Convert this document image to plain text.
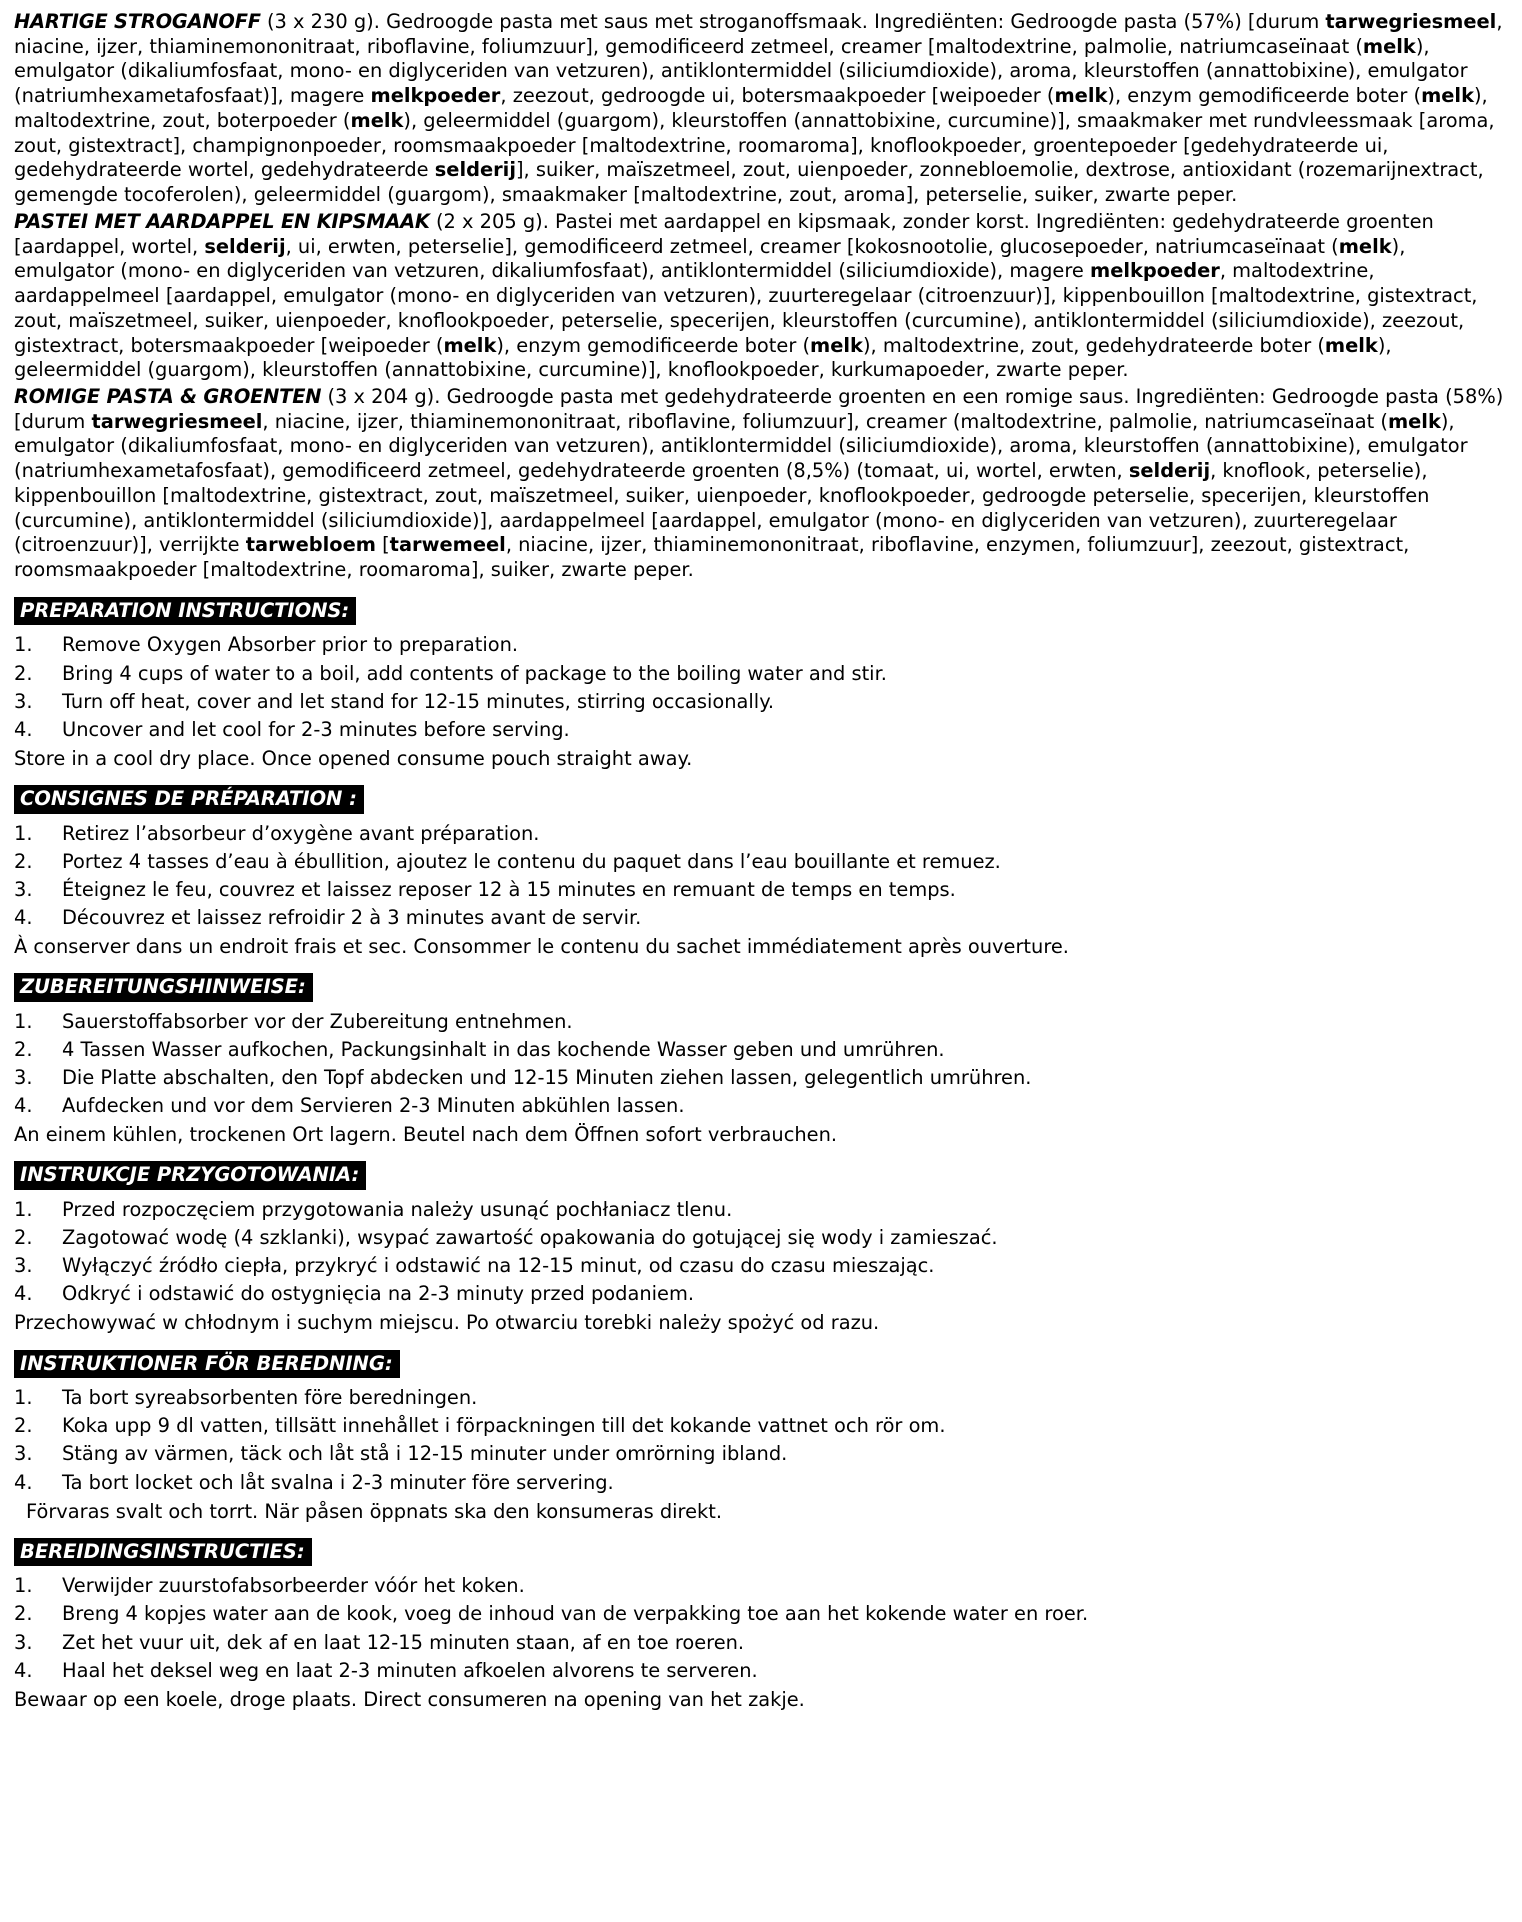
HARTIGE STROGANOFF (3 x 230 g). Gedroogde pasta met saus met stroganoffsmaak. Ingrediënten: Gedroogde pasta (57%) [durum tarwegriesmeel, niacine, ijzer, thiaminemononitraat, riboflavine, foliumzuur], gemodificeerd zetmeel, creamer [maltodextrine, palmolie, natriumcaseïnaat (melk), emulgator (dikaliumfosfaat, mono- en diglyceriden van vetzuren), antiklontermiddel (siliciumdioxide), aroma, kleurstoffen (annattobixine), emulgator (natriumhexametafosfaat)], magere melkpoeder, zeezout, gedroogde ui, botersmaakpoeder [weipoeder (melk), enzym gemodificeerde boter (melk), maltodextrine, zout, boterpoeder (melk), geleermiddel (guargom), kleurstoffen (annattobixine, curcumine)], smaakmaker met rundvleessmaak [aroma, zout, gistextract], champignonpoeder, roomsmaakpoeder [maltodextrine, roomaroma], knoflookpoeder, groentepoeder [gedehydrateerde ui, gedehydrateerde wortel, gedehydrateerde selderij], suiker, maïszetmeel, zout, uienpoeder, zonnebloemolie, dextrose, antioxidant (rozemarijnextract, gemengde tocoferolen), geleermiddel (guargom), smaakmaker [maltodextrine, zout, aroma], peterselie, suiker, zwarte peper.
PASTEI MET AARDAPPEL EN KIPSMAAK (2 x 205 g). Pastei met aardappel en kipsmaak, zonder korst. Ingrediënten: gedehydrateerde groenten [aardappel, wortel, selderij, ui, erwten, peterselie], gemodificeerd zetmeel, creamer [kokosnootolie, glucosepoeder, natriumcaseïnaat (melk), emulgator (mono- en diglyceriden van vetzuren, dikaliumfosfaat), antiklontermiddel (siliciumdioxide), magere melkpoeder, maltodextrine, aardappelmeel [aardappel, emulgator (mono- en diglyceriden van vetzuren), zuurteregelaar (citroenzuur)], kippenbouillon [maltodextrine, gistextract, zout, maïszetmeel, suiker, uienpoeder, knoflookpoeder, peterselie, specerijen, kleurstoffen (curcumine), antiklontermiddel (siliciumdioxide), zeezout, gistextract, botersmaakpoeder [weipoeder (melk), enzym gemodificeerde boter (melk), maltodextrine, zout, gedehydrateerde boter (melk), geleermiddel (guargom), kleurstoffen (annattobixine, curcumine)], knoflookpoeder, kurkumapoeder, zwarte peper.
ROMIGE PASTA & GROENTEN (3 x 204 g). Gedroogde pasta met gedehydrateerde groenten en een romige saus. Ingrediënten: Gedroogde pasta (58%) [durum tarwegriesmeel, niacine, ijzer, thiaminemononitraat, riboflavine, foliumzuur], creamer (maltodextrine, palmolie, natriumcaseïnaat (melk), emulgator (dikaliumfosfaat, mono- en diglyceriden van vetzuren), antiklontermiddel (siliciumdioxide), aroma, kleurstoffen (annattobixine), emulgator (natriumhexametafosfaat), gemodificeerd zetmeel, gedehydrateerde groenten (8,5%) (tomaat, ui, wortel, erwten, selderij, knoflook, peterselie), kippenbouillon [maltodextrine, gistextract, zout, maïszetmeel, suiker, uienpoeder, knoflookpoeder, gedroogde peterselie, specerijen, kleurstoffen (curcumine), antiklontermiddel (siliciumdioxide)], aardappelmeel [aardappel, emulgator (mono- en diglyceriden van vetzuren), zuurteregelaar (citroenzuur)], verrijkte tarwebloem [tarwemeel, niacine, ijzer, thiaminemononitraat, riboflavine, enzymen, foliumzuur], zeezout, gistextract, roomsmaakpoeder [maltodextrine, roomaroma], suiker, zwarte peper.
PREPARATION INSTRUCTIONS:
1.	Remove Oxygen Absorber prior to preparation.
2.	Bring 4 cups of water to a boil, add contents of package to the boiling water and stir.
3.	Turn off heat, cover and let stand for 12-15 minutes, stirring occasionally.
4.	Uncover and let cool for 2-3 minutes before serving.
Store in a cool dry place. Once opened consume pouch straight away.
CONSIGNES DE PRÉPARATION :
1.	Retirez l’absorbeur d’oxygène avant préparation.
2.	Portez 4 tasses d’eau à ébullition, ajoutez le contenu du paquet dans l’eau bouillante et remuez.
3.	Éteignez le feu, couvrez et laissez reposer 12 à 15 minutes en remuant de temps en temps.
4.	Découvrez et laissez refroidir 2 à 3 minutes avant de servir.
À conserver dans un endroit frais et sec. Consommer le contenu du sachet immédiatement après ouverture.
ZUBEREITUNGSHINWEISE:
1.	Sauerstoffabsorber vor der Zubereitung entnehmen.
2.	4 Tassen Wasser aufkochen, Packungsinhalt in das kochende Wasser geben und umrühren.
3.	Die Platte abschalten, den Topf abdecken und 12-15 Minuten ziehen lassen, gelegentlich umrühren.
4.	Aufdecken und vor dem Servieren 2-3 Minuten abkühlen lassen.
An einem kühlen, trockenen Ort lagern. Beutel nach dem Öffnen sofort verbrauchen.
INSTRUKCJE PRZYGOTOWANIA:
1.	Przed rozpoczęciem przygotowania należy usunąć pochłaniacz tlenu.
2.	Zagotować wodę (4 szklanki), wsypać zawartość opakowania do gotującej się wody i zamieszać.
3.	Wyłączyć źródło ciepła, przykryć i odstawić na 12-15 minut, od czasu do czasu mieszając.
4.	Odkryć i odstawić do ostygnięcia na 2-3 minuty przed podaniem.
Przechowywać w chłodnym i suchym miejscu. Po otwarciu torebki należy spożyć od razu.
INSTRUKTIONER FÖR BEREDNING:
1.	Ta bort syreabsorbenten före beredningen.
2.	Koka upp 9 dl vatten, tillsätt innehållet i förpackningen till det kokande vattnet och rör om.
3.	Stäng av värmen, täck och låt stå i 12-15 minuter under omrörning ibland.
4.	Ta bort locket och låt svalna i 2-3 minuter före servering.
Förvaras svalt och torrt. När påsen öppnats ska den konsumeras direkt.
BEREIDINGSINSTRUCTIES:
1.	Verwijder zuurstofabsorbeerder vóór het koken.
2.	Breng 4 kopjes water aan de kook, voeg de inhoud van de verpakking toe aan het kokende water en roer.
3.	Zet het vuur uit, dek af en laat 12-15 minuten staan, af en toe roeren.
4.	Haal het deksel weg en laat 2-3 minuten afkoelen alvorens te serveren.
Bewaar op een koele, droge plaats. Direct consumeren na opening van het zakje.
